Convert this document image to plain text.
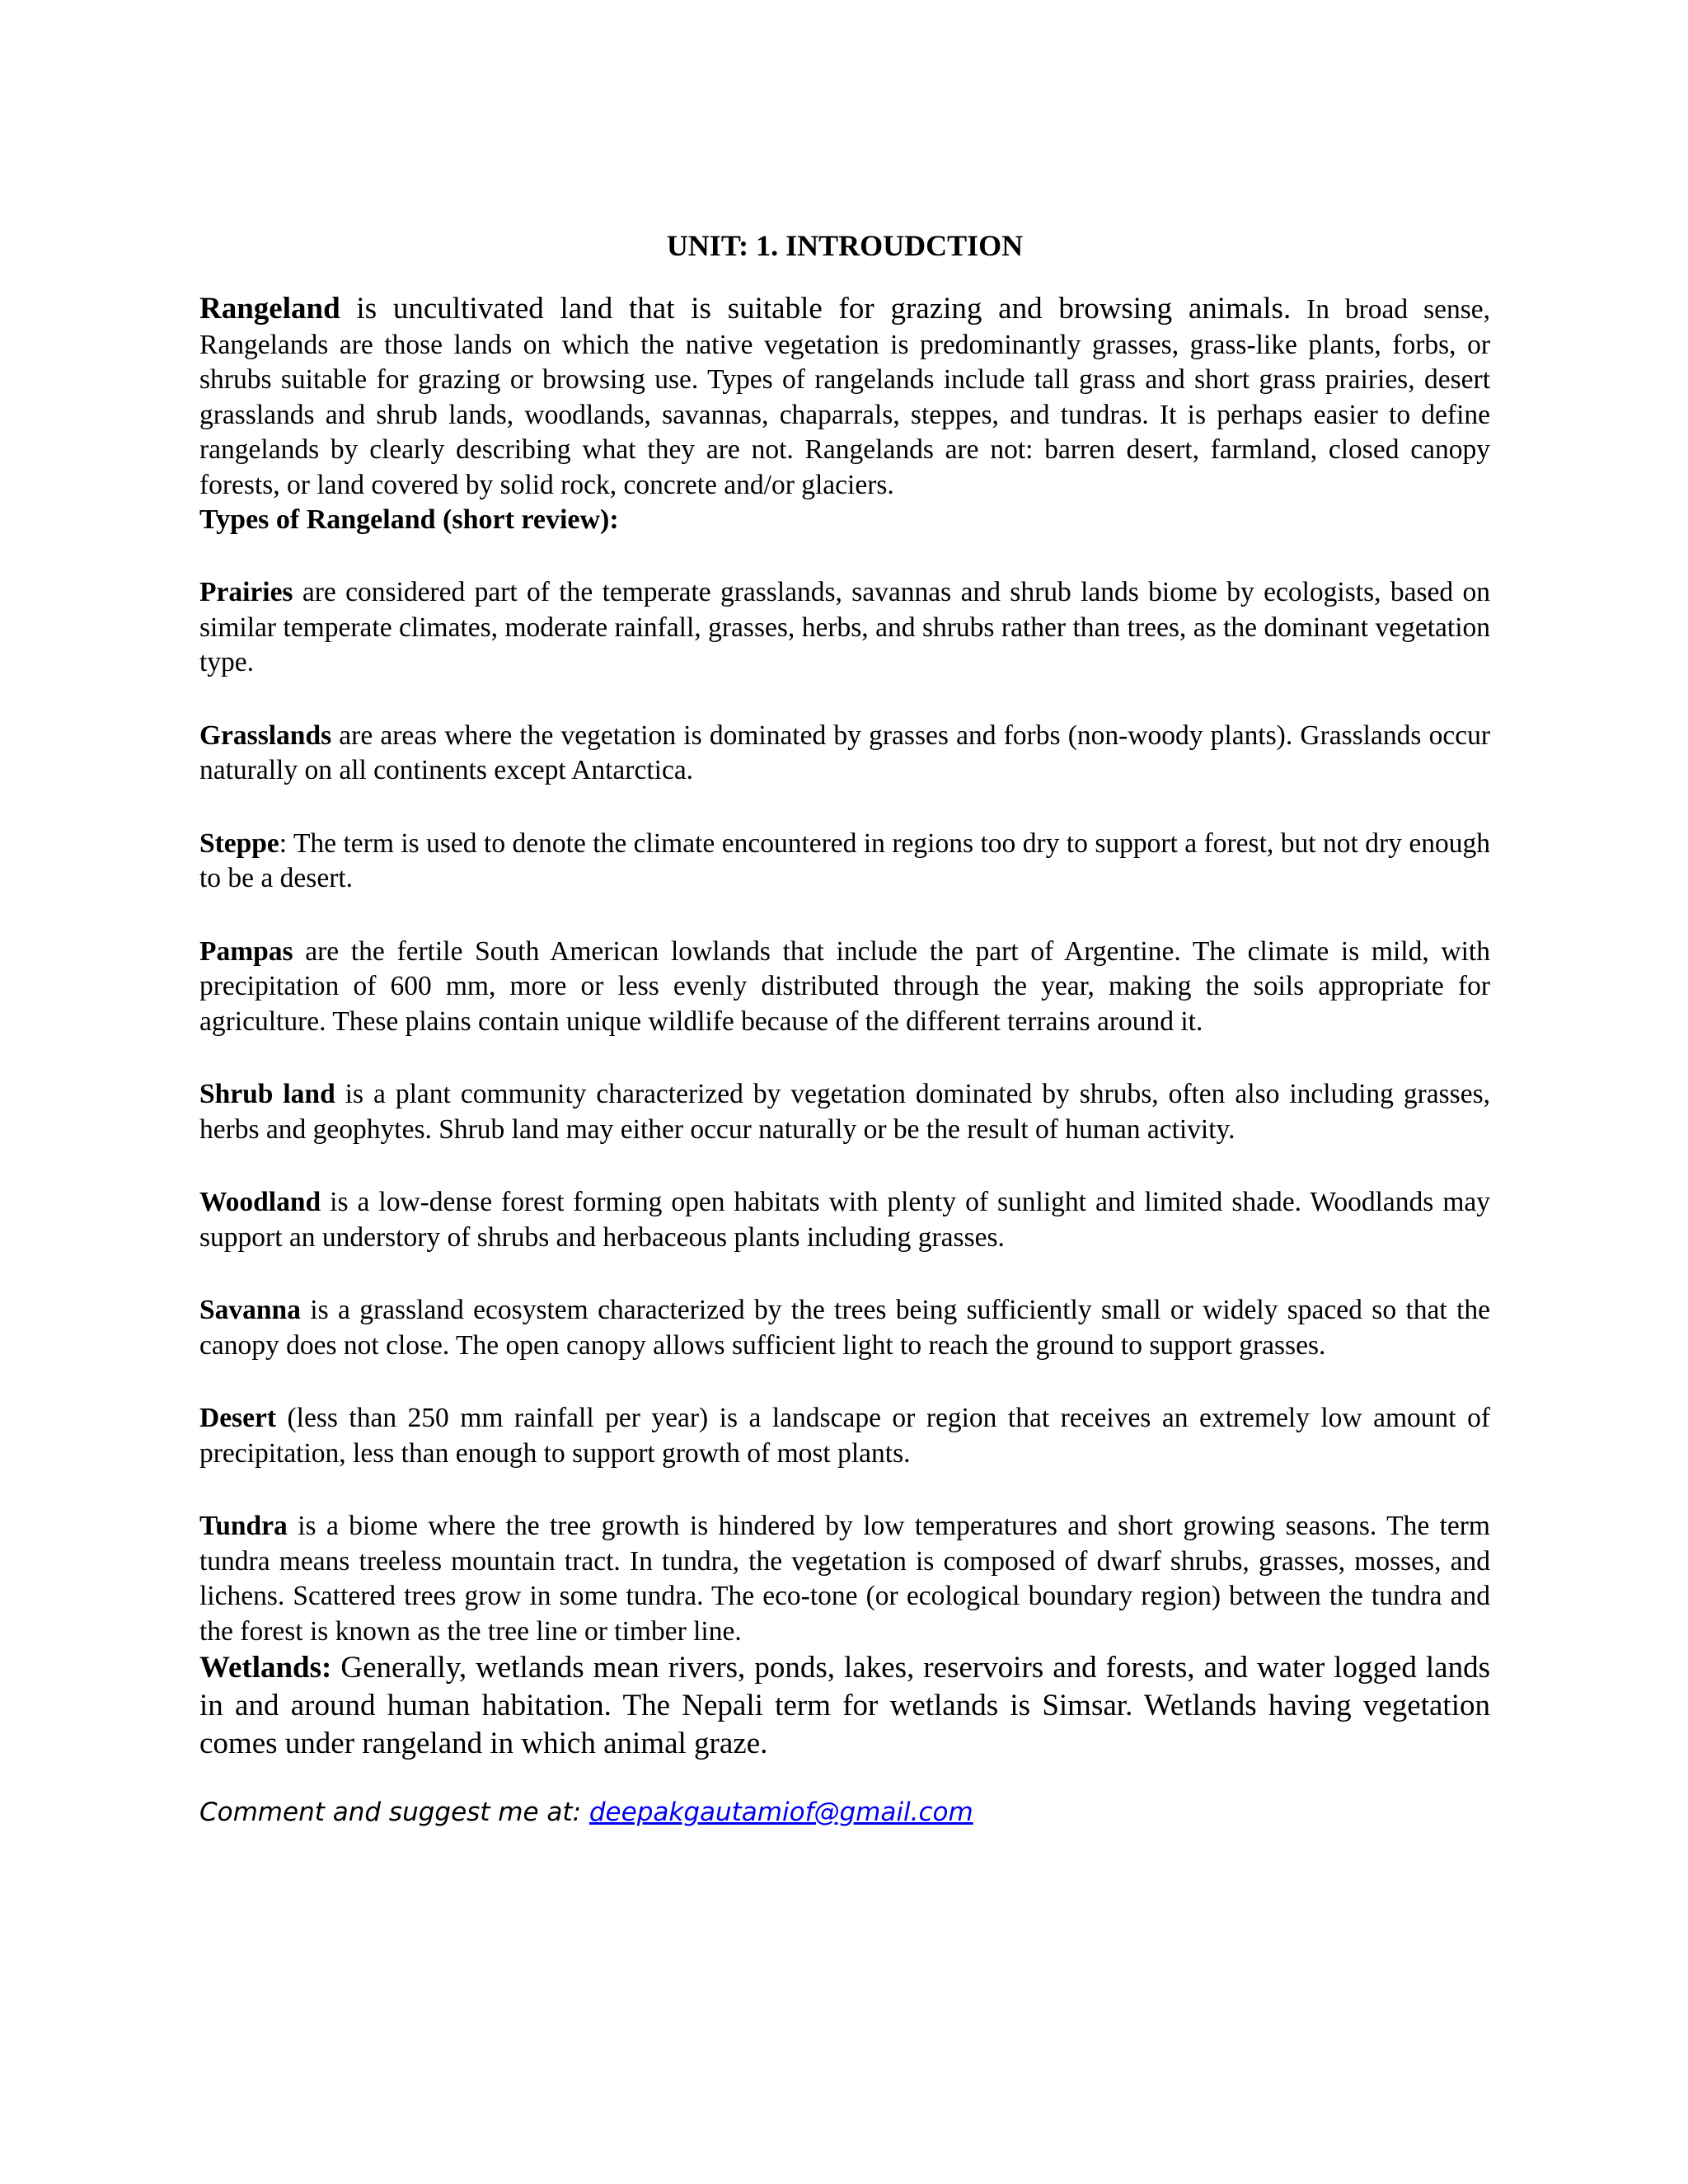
UNIT: 1. INTROUDCTION

Rangeland is uncultivated land that is suitable for grazing and browsing animals. In broad sense, Rangelands are those lands on which the native vegetation is predominantly grasses, grass-like plants, forbs, or shrubs suitable for grazing or browsing use. Types of rangelands include tall grass and short grass prairies, desert grasslands and shrub lands, woodlands, savannas, chaparrals, steppes, and tundras. It is perhaps easier to define rangelands by clearly describing what they are not. Rangelands are not: barren desert, farmland, closed canopy forests, or land covered by solid rock, concrete and/or glaciers.

Types of Rangeland (short review):

Prairies are considered part of the temperate grasslands, savannas and shrub lands biome by ecologists, based on similar temperate climates, moderate rainfall, grasses, herbs, and shrubs rather than trees, as the dominant vegetation type.

Grasslands are areas where the vegetation is dominated by grasses and forbs (non-woody plants). Grasslands occur naturally on all continents except Antarctica.

Steppe: The term is used to denote the climate encountered in regions too dry to support a forest, but not dry enough to be a desert.

Pampas are the fertile South American lowlands that include the part of Argentine. The climate is mild, with precipitation of 600 mm, more or less evenly distributed through the year, making the soils appropriate for agriculture. These plains contain unique wildlife because of the different terrains around it.

Shrub land is a plant community characterized by vegetation dominated by shrubs, often also including grasses, herbs and geophytes. Shrub land may either occur naturally or be the result of human activity.

Woodland is a low-dense forest forming open habitats with plenty of sunlight and limited shade. Woodlands may support an understory of shrubs and herbaceous plants including grasses.

Savanna is a grassland ecosystem characterized by the trees being sufficiently small or widely spaced so that the canopy does not close. The open canopy allows sufficient light to reach the ground to support grasses.

Desert (less than 250 mm rainfall per year) is a landscape or region that receives an extremely low amount of precipitation, less than enough to support growth of most plants.

Tundra is a biome where the tree growth is hindered by low temperatures and short growing seasons. The term tundra means treeless mountain tract. In tundra, the vegetation is composed of dwarf shrubs, grasses, mosses, and lichens. Scattered trees grow in some tundra. The eco-tone (or ecological boundary region) between the tundra and the forest is known as the tree line or timber line.

Wetlands: Generally, wetlands mean rivers, ponds, lakes, reservoirs and forests, and water logged lands in and around human habitation. The Nepali term for wetlands is Simsar. Wetlands having vegetation comes under rangeland in which animal graze.

Comment and suggest me at: deepakgautamiof@gmail.com
